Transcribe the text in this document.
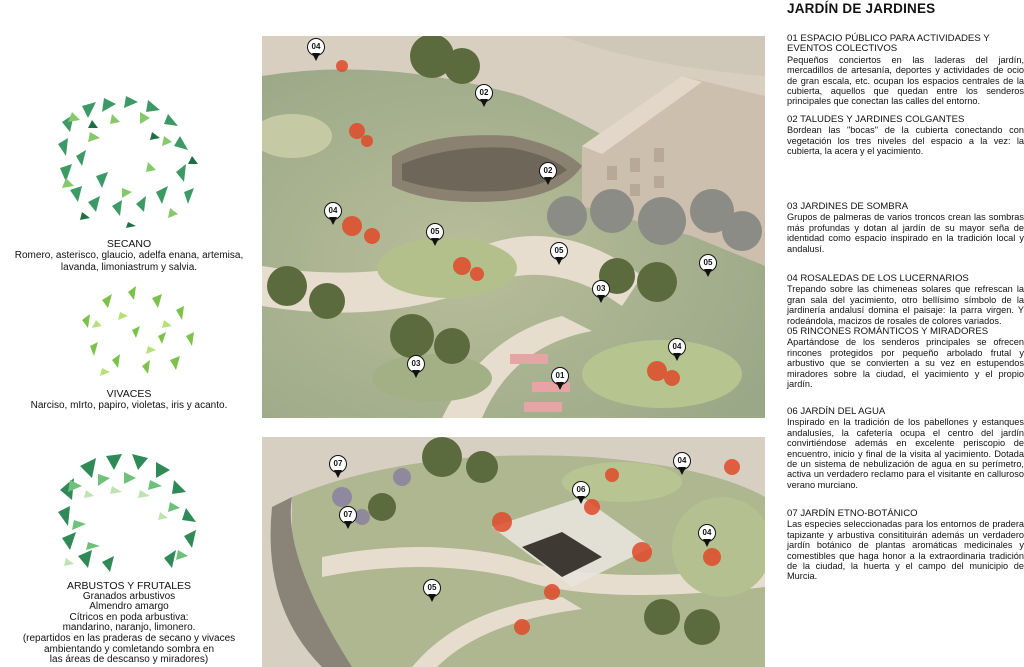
SECANO
Romero, asterisco, glaucio, adelfa enana, artemisa, lavanda, limoniastrum y salvia.
VIVACES
Narciso, mIrto, papiro, violetas, iris y acanto.
ARBUSTOS Y FRUTALES
Granados arbustivos
Almendro amargo
Cítricos en poda arbustiva:
mandarino, naranjo, limonero.
(repartidos en las praderas de secano y vivaces
ambientando y comletando sombra en
las áreas de descanso y miradores)
04
02
02
04
05
05
05
03
03
04
01
07
07
06
05
04
04
JARDÍN DE JARDINES
01 ESPACIO PÚBLICO PARA ACTIVIDADES Y EVENTOS COLECTIVOS
Pequeños conciertos en las laderas del jardín, mercadillos de artesanía, deportes y actividades de ocio de gran escala, etc. ocupan los espacios centrales de la cubierta, aquellos que quedan entre los senderos principales que conectan las calles del entorno.
02 TALUDES Y JARDINES COLGANTES
Bordean las "bocas" de la cubierta conectando con vegetación los tres niveles del espacio a la vez: la cubierta, la acera y el yacimiento.
03 JARDINES DE SOMBRA
Grupos de palmeras de varios troncos crean las sombras más profundas y dotan al jardín de su mayor seña de identidad como espacio inspirado en la tradición local y andalusí.
04 ROSALEDAS DE LOS LUCERNARIOS
Trepando sobre las chimeneas solares que refrescan la gran sala del yacimiento, otro bellísimo símbolo de la jardinería andalusí domina el paisaje: la parra virgen. Y rodeándola, macizos de rosales de colores variados.
05 RINCONES ROMÁNTICOS Y MIRADORES
Apartándose de los senderos principales se ofrecen rincones protegidos por pequeño arbolado frutal y arbustivo que se convierten a su vez en estupendos miradores sobre la ciudad, el yacimiento y el propio jardín.
06 JARDÍN DEL AGUA
Inspirado en la tradición de los pabellones y estanques andalusíes, la cafetería ocupa el centro del jardín convirtiéndose además en excelente periscopio de encuentro, inicio y final de la visita al yacimiento. Dotada de un sistema de nebulización de agua en su perímetro, activa un verdadero reclamo para el visitante en calluroso verano murciano.
07 JARDÍN ETNO-BOTÁNICO
Las especies seleccionadas para los entornos de pradera tapizante y arbustiva consitituirán además un verdadero jardín botánico de plantas aromáticas medicinales y comestibles que haga honor a la extraordinaria tradición de la ciudad, la huerta y el campo del municipio de Murcia.
